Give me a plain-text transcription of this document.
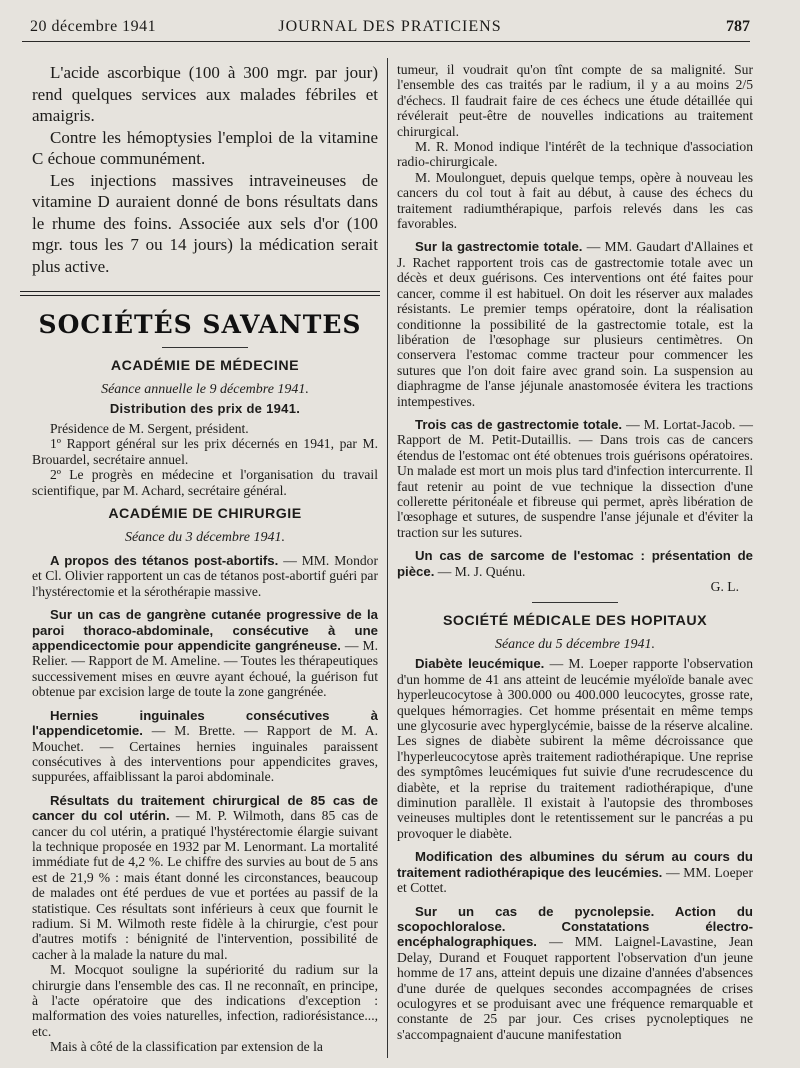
20 décembre 1941	JOURNAL DES PRATICIENS	787

L'acide ascorbique (100 à 300 mgr. par jour) rend quelques services aux malades fébriles et amaigris.

Contre les hémoptysies l'emploi de la vitamine C échoue communément.

Les injections massives intraveineuses de vitamine D auraient donné de bons résultats dans le rhume des foins. Associée aux sels d'or (100 mgr. tous les 7 ou 14 jours) la médication serait plus active.

SOCIÉTÉS SAVANTES
ACADÉMIE DE MÉDECINE
Séance annuelle le 9 décembre 1941.
Distribution des prix de 1941.

Présidence de M. Sergent, président.

1º Rapport général sur les prix décernés en 1941, par M. Brouardel, secrétaire annuel.

2º Le progrès en médecine et l'organisation du travail scientifique, par M. Achard, secrétaire général.

ACADÉMIE DE CHIRURGIE
Séance du 3 décembre 1941.

A propos des tétanos post-abortifs. — MM. Mondor et Cl. Olivier rapportent un cas de tétanos post-abortif guéri par l'hystérectomie et la sérothérapie massive.

Sur un cas de gangrène cutanée progressive de la paroi thoraco-abdominale, consécutive à une appendicectomie pour appendicite gangréneuse. — M. Relier. — Rapport de M. Ameline. — Toutes les thérapeutiques successivement mises en œuvre ayant échoué, la guérison fut obtenue par excision large de toute la zone gangrénée.

Hernies inguinales consécutives à l'appendicetomie. — M. Brette. — Rapport de M. A. Mouchet. — Certaines hernies inguinales paraissent consécutives à des interventions pour appendicites graves, suppurées, affaiblissant la paroi abdominale.

Résultats du traitement chirurgical de 85 cas de cancer du col utérin. — M. P. Wilmoth, dans 85 cas de cancer du col utérin, a pratiqué l'hystérectomie élargie suivant la technique proposée en 1932 par M. Lenormant. La mortalité immédiate fut de 4,2 %. Le chiffre des survies au bout de 5 ans est de 21,9 % : mais étant donné les circonstances, beaucoup de malades ont été perdues de vue et portées au passif de la statistique. Ces résultats sont inférieurs à ceux que fournit le radium. Si M. Wilmoth reste fidèle à la chirurgie, c'est pour d'autres motifs : bénignité de l'intervention, possibilité de cacher à la malade la nature du mal.

M. Mocquot souligne la supériorité du radium sur la chirurgie dans l'ensemble des cas. Il ne reconnaît, en principe, à l'acte opératoire que des indications d'exception : malformation des voies naturelles, infection, radiorésistance..., etc.

Mais à côté de la classification par extension de la

tumeur, il voudrait qu'on tînt compte de sa malignité. Sur l'ensemble des cas traités par le radium, il y a au moins 2/5 d'échecs. Il faudrait faire de ces échecs une étude détaillée qui révélerait peut-être de nouvelles indications au traitement chirurgical.

M. R. Monod indique l'intérêt de la technique d'association radio-chirurgicale.

M. Moulonguet, depuis quelque temps, opère à nouveau les cancers du col tout à fait au début, à cause des échecs du traitement radiumthérapique, parfois relevés dans les cas favorables.

Sur la gastrectomie totale. — MM. Gaudart d'Allaines et J. Rachet rapportent trois cas de gastrectomie totale avec un décès et deux guérisons. Ces interventions ont été faites pour cancer, comme il est habituel. On doit les réserver aux malades résistants. Le premier temps opératoire, dont la réalisation conditionne la possibilité de la gastrectomie totale, est la libération de l'œsophage sur plusieurs centimètres. On conservera l'estomac comme tracteur pour commencer les sutures que l'on doit faire avec grand soin. La suspension au diaphragme de l'anse jéjunale anastomosée évitera les tractions intempestives.

Trois cas de gastrectomie totale. — M. Lortat-Jacob. — Rapport de M. Petit-Dutaillis. — Dans trois cas de cancers étendus de l'estomac ont été obtenues trois guérisons opératoires. Un malade est mort un mois plus tard d'infection intercurrente. Il faut retenir au point de vue technique la dissection d'une collerette péritonéale et fibreuse qui permet, après libération de l'œsophage et sutures, de suspendre l'anse jéjunale et d'éviter la traction sur les sutures.

Un cas de sarcome de l'estomac : présentation de pièce. — M. J. Quénu.

G. L.

SOCIÉTÉ MÉDICALE DES HOPITAUX
Séance du 5 décembre 1941.

Diabète leucémique. — M. Loeper rapporte l'observation d'un homme de 41 ans atteint de leucémie myéloïde banale avec hyperleucocytose à 300.000 ou 400.000 leucocytes, grosse rate, quelques hémorragies. Cet homme présentait en même temps une glycosurie avec hyperglycémie, baisse de la réserve alcaline. Les signes de diabète subirent la même décroissance que l'hyperleucocytose après traitement radiothérapique. Une reprise des symptômes leucémiques fut suivie d'une recrudescence du diabète, et la reprise du traitement radiothérapique, d'une diminution parallèle. Il existait à l'autopsie des thromboses veineuses multiples dont le retentissement sur le pancréas a pu provoquer le diabète.

Modification des albumines du sérum au cours du traitement radiothérapique des leucémies. — MM. Loeper et Cottet.

Sur un cas de pycnolepsie. Action du scopochloralose. Constatations électro-encéphalographiques. — MM. Laignel-Lavastine, Jean Delay, Durand et Fouquet rapportent l'observation d'un jeune homme de 17 ans, atteint depuis une dizaine d'années d'absences d'une durée de quelques secondes accompagnées de crises oculogyres et se produisant avec une fréquence remarquable et constante de 25 par jour. Ces crises pycnoleptiques ne s'accompagnaient d'aucune manifestation
